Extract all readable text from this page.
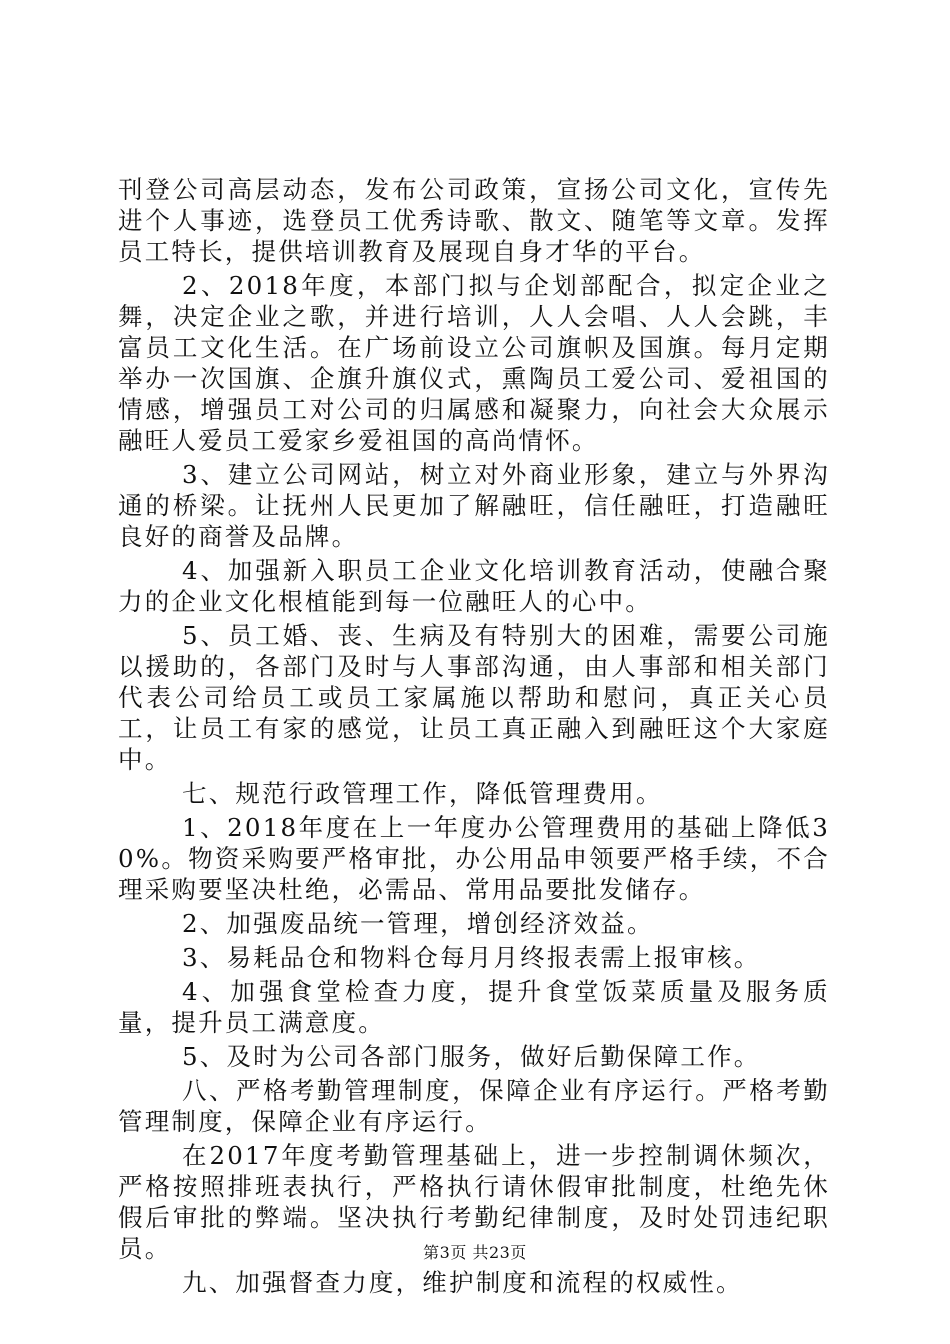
刊登公司高层动态，发布公司政策，宣扬公司文化，宣传先进个人事迹，选登员工优秀诗歌、散文、随笔等文章。发挥员工特长，提供培训教育及展现自身才华的平台。

2、2018年度，本部门拟与企划部配合，拟定企业之舞，决定企业之歌，并进行培训，人人会唱、人人会跳，丰富员工文化生活。在广场前设立公司旗帜及国旗。每月定期举办一次国旗、企旗升旗仪式，熏陶员工爱公司、爱祖国的情感，增强员工对公司的归属感和凝聚力，向社会大众展示融旺人爱员工爱家乡爱祖国的高尚情怀。

3、建立公司网站，树立对外商业形象，建立与外界沟通的桥梁。让抚州人民更加了解融旺，信任融旺，打造融旺良好的商誉及品牌。

4、加强新入职员工企业文化培训教育活动，使融合聚力的企业文化根植能到每一位融旺人的心中。

5、员工婚、丧、生病及有特别大的困难，需要公司施以援助的，各部门及时与人事部沟通，由人事部和相关部门代表公司给员工或员工家属施以帮助和慰问，真正关心员工，让员工有家的感觉，让员工真正融入到融旺这个大家庭中。

七、规范行政管理工作，降低管理费用。

1、2018年度在上一年度办公管理费用的基础上降低30%。物资采购要严格审批，办公用品申领要严格手续，不合理采购要坚决杜绝，必需品、常用品要批发储存。

2、加强废品统一管理，增创经济效益。

3、易耗品仓和物料仓每月月终报表需上报审核。

4、加强食堂检查力度，提升食堂饭菜质量及服务质量，提升员工满意度。

5、及时为公司各部门服务，做好后勤保障工作。

八、严格考勤管理制度，保障企业有序运行。严格考勤管理制度，保障企业有序运行。

在2017年度考勤管理基础上，进一步控制调休频次，严格按照排班表执行，严格执行请休假审批制度，杜绝先休假后审批的弊端。坚决执行考勤纪律制度，及时处罚违纪职员。

九、加强督查力度，维护制度和流程的权威性。

第3页 共23页
